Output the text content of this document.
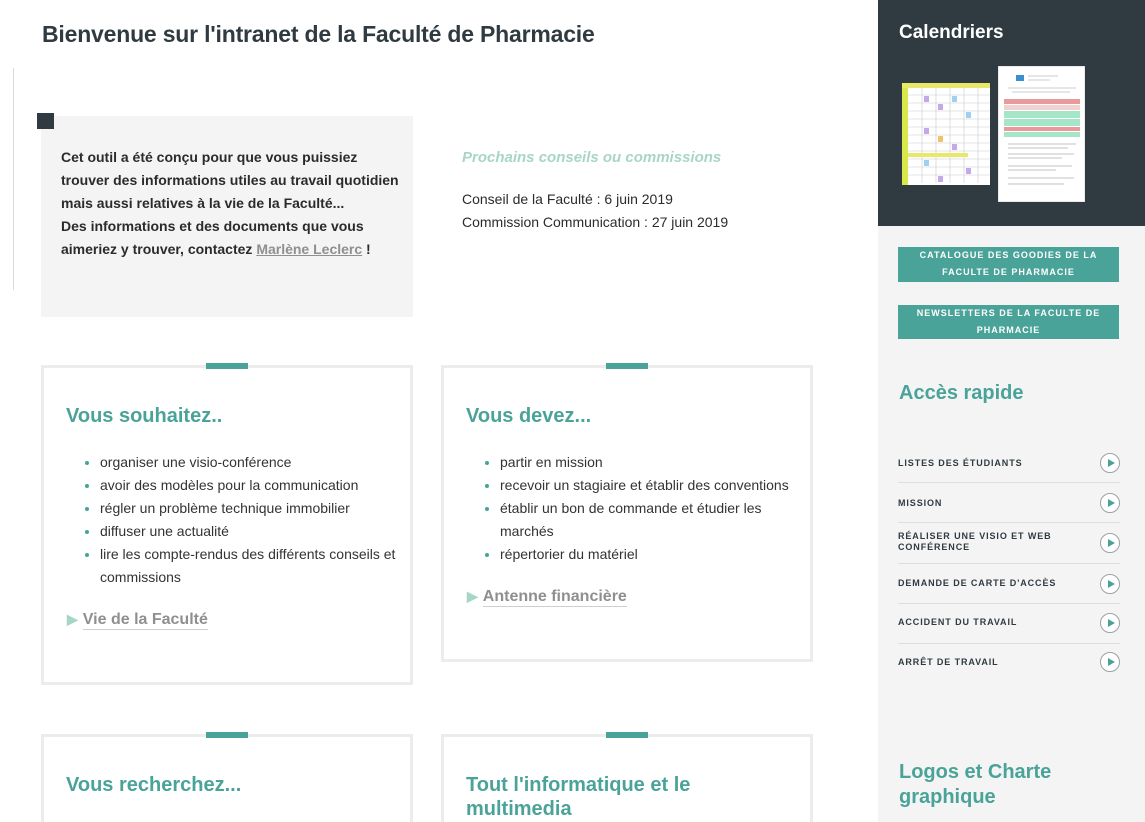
Bienvenue sur l'intranet de la Faculté de Pharmacie
Cet outil a été conçu pour que vous puissiez trouver des informations utiles au travail quotidien mais aussi relatives à la vie de la Faculté...
Des informations et des documents que vous aimeriez y trouver, contactez Marlène Leclerc !
Prochains conseils ou commissions
Conseil de la Faculté : 6 juin 2019
Commission Communication : 27 juin 2019
Vous souhaitez..
organiser une visio-conférence
avoir des modèles pour la communication
régler un problème technique immobilier
diffuser une actualité
lire les compte-rendus des différents conseils et commissions
▶ Vie de la Faculté
Vous devez...
partir en mission
recevoir un stagiaire et établir des conventions
établir un bon de commande et étudier les marchés
répertorier du matériel
▶ Antenne financière
Vous recherchez...	Tout l'informatique et le multimedia
Calendriers
CATALOGUE DES GOODIES DE LA FACULTE DE PHARMACIE
NEWSLETTERS DE LA FACULTE DE PHARMACIE
Accès rapide
LISTES DES ÉTUDIANTS
MISSION
RÉALISER UNE VISIO ET WEB CONFÉRENCE
DEMANDE DE CARTE D'ACCÈS
ACCIDENT DU TRAVAIL
ARRÊT DE TRAVAIL
Logos et Charte graphique
